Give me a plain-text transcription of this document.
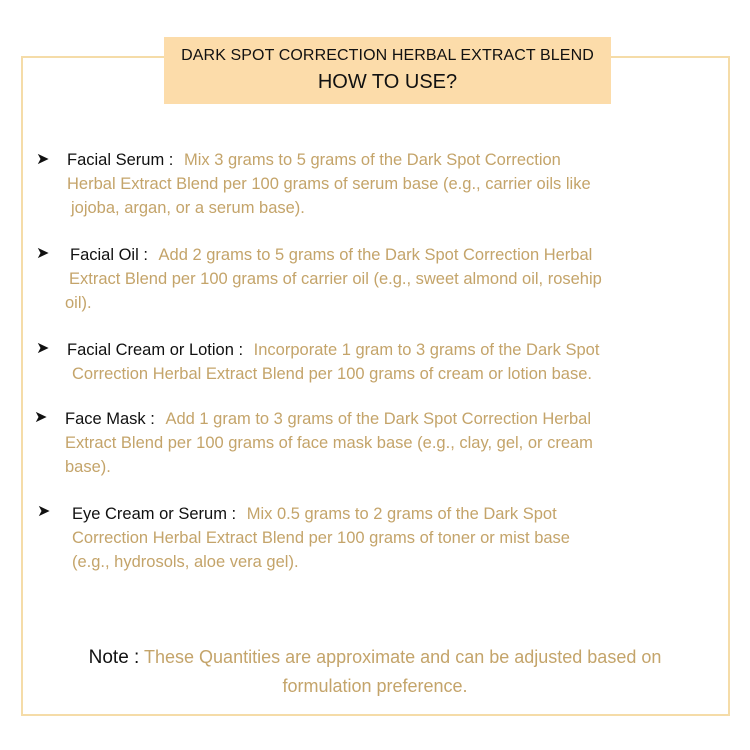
DARK SPOT CORRECTION HERBAL EXTRACT BLEND
HOW TO USE?
➤ Facial Serum : Mix 3 grams to 5 grams of the Dark Spot Correction
Herbal Extract Blend per 100 grams of serum base (e.g., carrier oils like
jojoba, argan, or a serum base).
➤ Facial Oil : Add 2 grams to 5 grams of the Dark Spot Correction Herbal
Extract Blend per 100 grams of carrier oil (e.g., sweet almond oil, rosehip
oil).
➤ Facial Cream or Lotion : Incorporate 1 gram to 3 grams of the Dark Spot
Correction Herbal Extract Blend per 100 grams of cream or lotion base.
➤ Face Mask : Add 1 gram to 3 grams of the Dark Spot Correction Herbal
Extract Blend per 100 grams of face mask base (e.g., clay, gel, or cream
base).
➤ Eye Cream or Serum : Mix 0.5 grams to 2 grams of the Dark Spot
Correction Herbal Extract Blend per 100 grams of toner or mist base
(e.g., hydrosols, aloe vera gel).
Note : These Quantities are approximate and can be adjusted based on
formulation preference.
